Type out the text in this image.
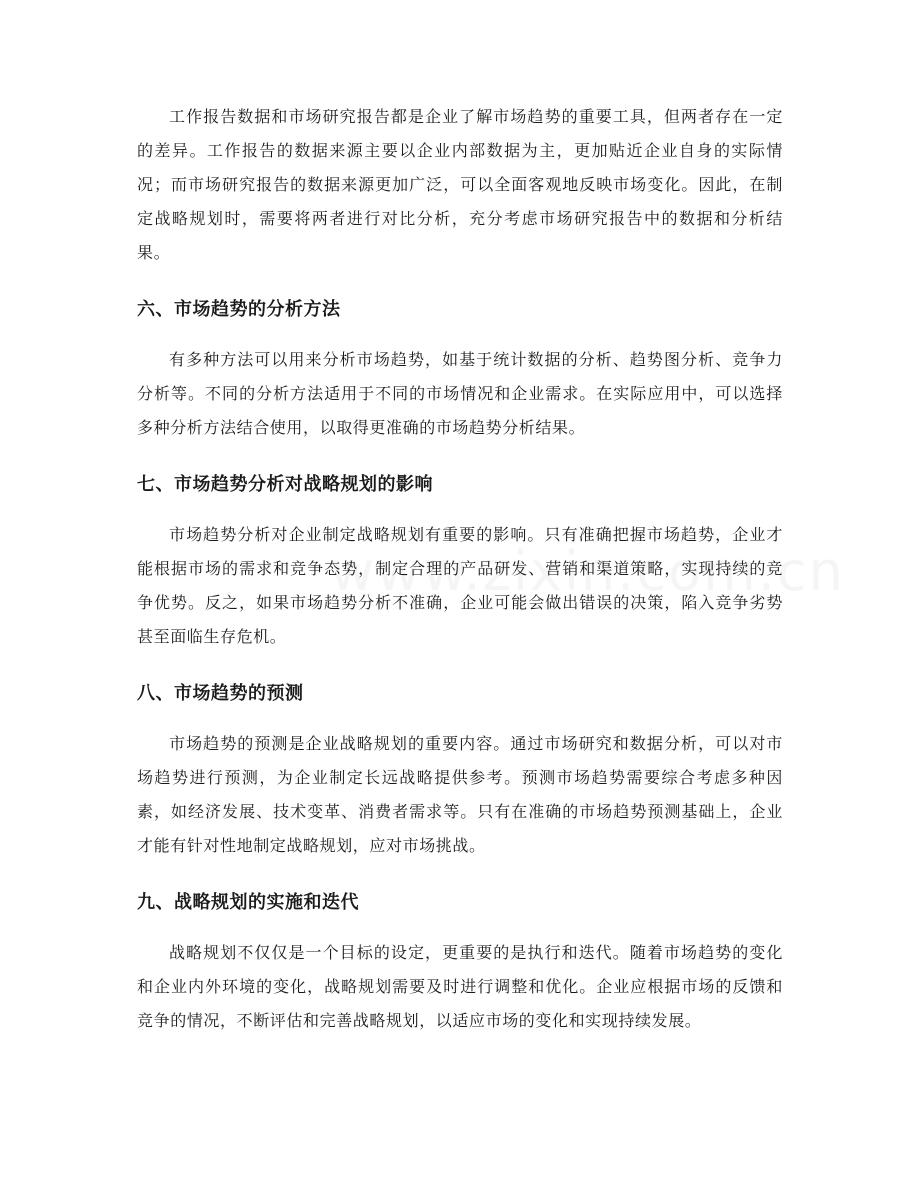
工作报告数据和市场研究报告都是企业了解市场趋势的重要工具，但两者存在一定的差异。工作报告的数据来源主要以企业内部数据为主，更加贴近企业自身的实际情况；而市场研究报告的数据来源更加广泛，可以全面客观地反映市场变化。因此，在制定战略规划时，需要将两者进行对比分析，充分考虑市场研究报告中的数据和分析结果。

六、市场趋势的分析方法

有多种方法可以用来分析市场趋势，如基于统计数据的分析、趋势图分析、竞争力分析等。不同的分析方法适用于不同的市场情况和企业需求。在实际应用中，可以选择多种分析方法结合使用，以取得更准确的市场趋势分析结果。

七、市场趋势分析对战略规划的影响

市场趋势分析对企业制定战略规划有重要的影响。只有准确把握市场趋势，企业才能根据市场的需求和竞争态势，制定合理的产品研发、营销和渠道策略，实现持续的竞争优势。反之，如果市场趋势分析不准确，企业可能会做出错误的决策，陷入竞争劣势甚至面临生存危机。

八、市场趋势的预测

市场趋势的预测是企业战略规划的重要内容。通过市场研究和数据分析，可以对市场趋势进行预测，为企业制定长远战略提供参考。预测市场趋势需要综合考虑多种因素，如经济发展、技术变革、消费者需求等。只有在准确的市场趋势预测基础上，企业才能有针对性地制定战略规划，应对市场挑战。

九、战略规划的实施和迭代

战略规划不仅仅是一个目标的设定，更重要的是执行和迭代。随着市场趋势的变化和企业内外环境的变化，战略规划需要及时进行调整和优化。企业应根据市场的反馈和竞争的情况，不断评估和完善战略规划，以适应市场的变化和实现持续发展。
